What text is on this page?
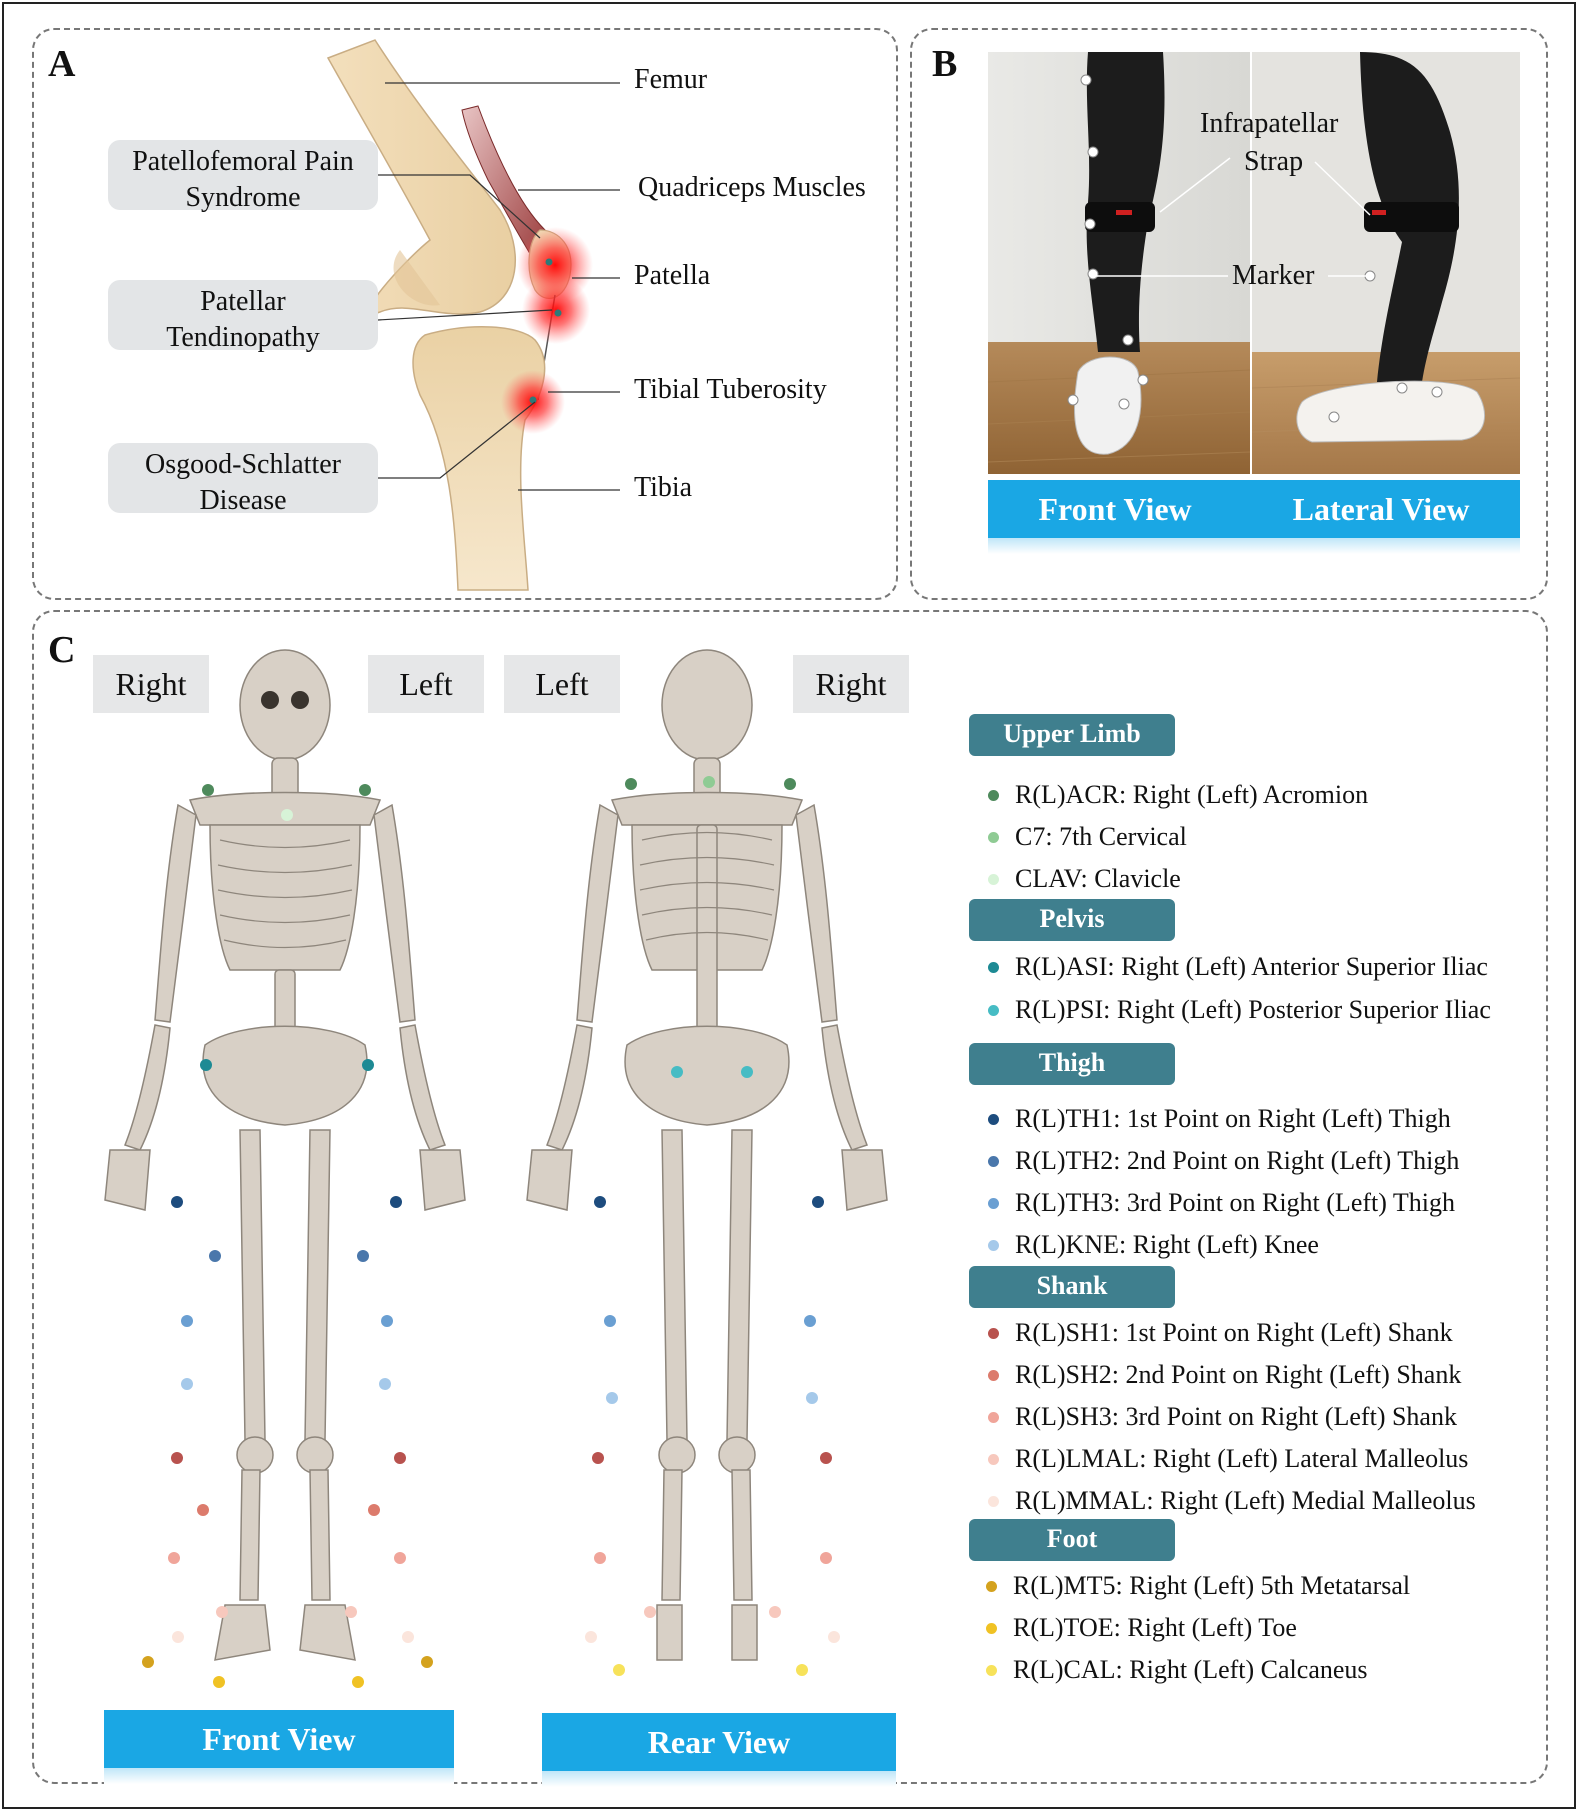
A
Patellofemoral Pain
Syndrome
Patellar
Tendinopathy
Osgood-Schlatter
Disease
Femur
Quadriceps Muscles
Patella
Tibial Tuberosity
Tibia
B
Infrapatellar
Strap
Marker
Front View	Lateral View
C
Right	Left	Left	Right
Front View	Rear View
Upper Limb
Pelvis
Thigh
Shank
Foot
R(L)ACR: Right (Left) Acromion
C7: 7th Cervical
CLAV: Clavicle
R(L)ASI: Right (Left) Anterior Superior Iliac
R(L)PSI: Right (Left) Posterior Superior Iliac
R(L)TH1: 1st Point on Right (Left) Thigh
R(L)TH2: 2nd Point on Right (Left) Thigh
R(L)TH3: 3rd Point on Right (Left) Thigh
R(L)KNE: Right (Left) Knee
R(L)SH1: 1st Point on Right (Left) Shank
R(L)SH2: 2nd Point on Right (Left) Shank
R(L)SH3: 3rd Point on Right (Left) Shank
R(L)LMAL: Right (Left) Lateral Malleolus
R(L)MMAL: Right (Left) Medial Malleolus
R(L)MT5: Right (Left) 5th Metatarsal
R(L)TOE: Right (Left) Toe
R(L)CAL: Right (Left) Calcaneus
